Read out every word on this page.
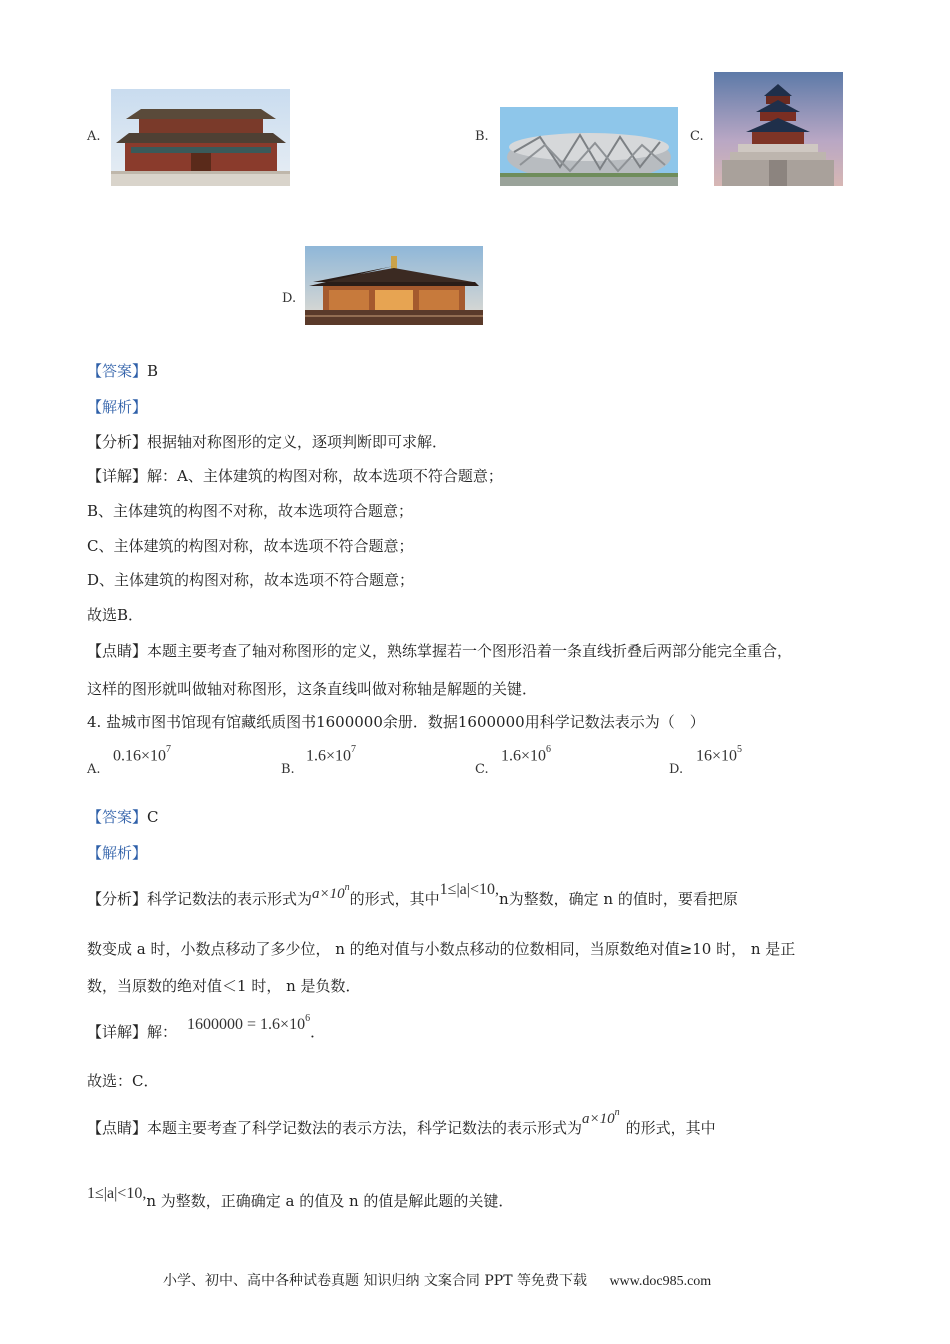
A.	B.	C.
D.
【答案】B
【解析】
【分析】根据轴对称图形的定义，逐项判断即可求解．
【详解】解：A、主体建筑的构图对称，故本选项不符合题意；
B、主体建筑的构图不对称，故本选项符合题意；
C、主体建筑的构图对称，故本选项不符合题意；
D、主体建筑的构图对称，故本选项不符合题意；
故选B．
【点睛】本题主要考查了轴对称图形的定义，熟练掌握若一个图形沿着一条直线折叠后两部分能完全重合，
这样的图形就叫做轴对称图形，这条直线叫做对称轴是解题的关键．
4. 盐城市图书馆现有馆藏纸质图书1600000余册．数据1600000用科学记数法表示为（　）
A.
$0.16\times 10^7$
B.
$1.6\times 10^7$
C.
$1.6\times 10^6$
D.
$16\times 10^5$
【答案】C
【解析】
【分析】科学记数法的表示形式为$a\times 10^n$的形式，其中1≤|a|<10,n为整数，确定 n 的值时，要看把原
数变成 a 时，小数点移动了多少位， n 的绝对值与小数点移动的位数相同，当原数绝对值≥10 时， n 是正
数，当原数的绝对值＜1 时， n 是负数．
【详解】解： $1600000 = 1.6\times 10^6$．
故选：C．
【点睛】本题主要考查了科学记数法的表示方法，科学记数法的表示形式为$a\times 10^n$的形式，其中
1≤|a|<10,n 为整数，正确确定 a 的值及 n 的值是解此题的关键．
小学、初中、高中各种试卷真题 知识归纳 文案合同 PPT 等免费下载 www.doc985.com
